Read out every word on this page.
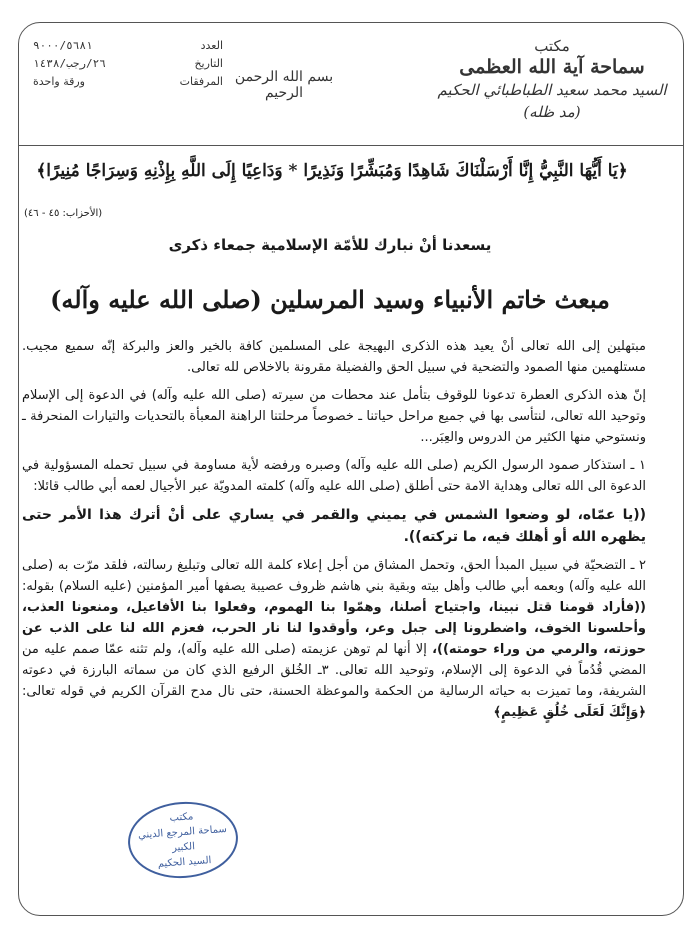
مكتب
سماحة آية الله العظمى
السيد محمد سعيد الطباطبائي الحكيم (مد ظله)
بسم الله الرحمن الرحيم
العدد
٩٠٠٠/٥٦٨١
التاريخ
٢٦/رجب/١٤٣٨
المرفقات
ورقة واحدة
﴿يَا أَيُّهَا النَّبِيُّ إِنَّا أَرْسَلْنَاكَ شَاهِدًا وَمُبَشِّرًا وَنَذِيرًا * وَدَاعِيًا إِلَى اللَّهِ بِإِذْنِهِ وَسِرَاجًا مُنِيرًا﴾
(الأحزاب: ٤٥ - ٤٦)
يسعدنا أنْ نبارك للأمّة الإسلامية جمعاء ذكرى
مبعث خاتم الأنبياء وسيد المرسلين (صلى الله عليه وآله)

مبتهلين إلى الله تعالى أنْ يعيد هذه الذكرى البهيجة على المسلمين كافة بالخير والعز والبركة إنّه سميع مجيب. مستلهمين منها الصمود والتضحية في سبيل الحق والفضيلة مقرونة بالاخلاص لله تعالى.

إنّ هذه الذكرى العطرة تدعونا للوقوف بتأمل عند محطات من سيرته (صلى الله عليه وآله) في الدعوة إلى الإسلام وتوحيد الله تعالى، لنتأسى بها في جميع مراحل حياتنا ـ خصوصاً مرحلتنا الراهنة المعبأة بالتحديات والتيارات المنحرفة ـ ونستوحي منها الكثير من الدروس والعِبَر...

١ ـ استذكار صمود الرسول الكريم (صلى الله عليه وآله) وصبره ورفضه لأية مساومة في سبيل تحمله المسؤولية في الدعوة الى الله تعالى وهداية الامة حتى أطلق (صلى الله عليه وآله) كلمته المدويّة عبر الأجيال لعمه أبي طالب قائلا:

((يا عمّاه، لو وضعوا الشمس في يميني والقمر في يساري على أنْ أترك هذا الأمر حتى يظهره الله أو أهلك فيه، ما تركته)).

٢ ـ التضحيّة في سبيل المبدأ الحق، وتحمل المشاق من أجل إعلاء كلمة الله تعالى وتبليغ رسالته، فلقد مرّت به (صلى الله عليه وآله) وبعمه أبي طالب وأهل بيته وبقية بني هاشم ظروف عصيبة يصفها أمير المؤمنين (عليه السلام) بقوله: ((فأراد قومنا قتل نبينا، واجتياح أصلنا، وهمّوا بنا الهموم، وفعلوا بنا الأفاعيل، ومنعونا العذب، وأحلسونا الخوف، واضطرونا إلى جبل وعر، وأوقدوا لنا نار الحرب، فعزم الله لنا على الذب عن حوزته، والرمي من وراء حومته))، إلا أنها لم توهن عزيمته (صلى الله عليه وآله)، ولم تثنه عمّا صمم عليه من المضي قُدُماً في الدعوة إلى الإسلام، وتوحيد الله تعالى. ٣ـ الخُلق الرفيع الذي كان من سماته البارزة في دعوته الشريفة، وما تميزت به حياته الرسالية من الحكمة والموعظة الحسنة، حتى نال مدح القرآن الكريم في قوله تعالى: ﴿وَإِنَّكَ لَعَلَى خُلُقٍ عَظِيمٍ﴾

مكتب
سماحة المرجع الديني الكبير
السيد الحكيم
